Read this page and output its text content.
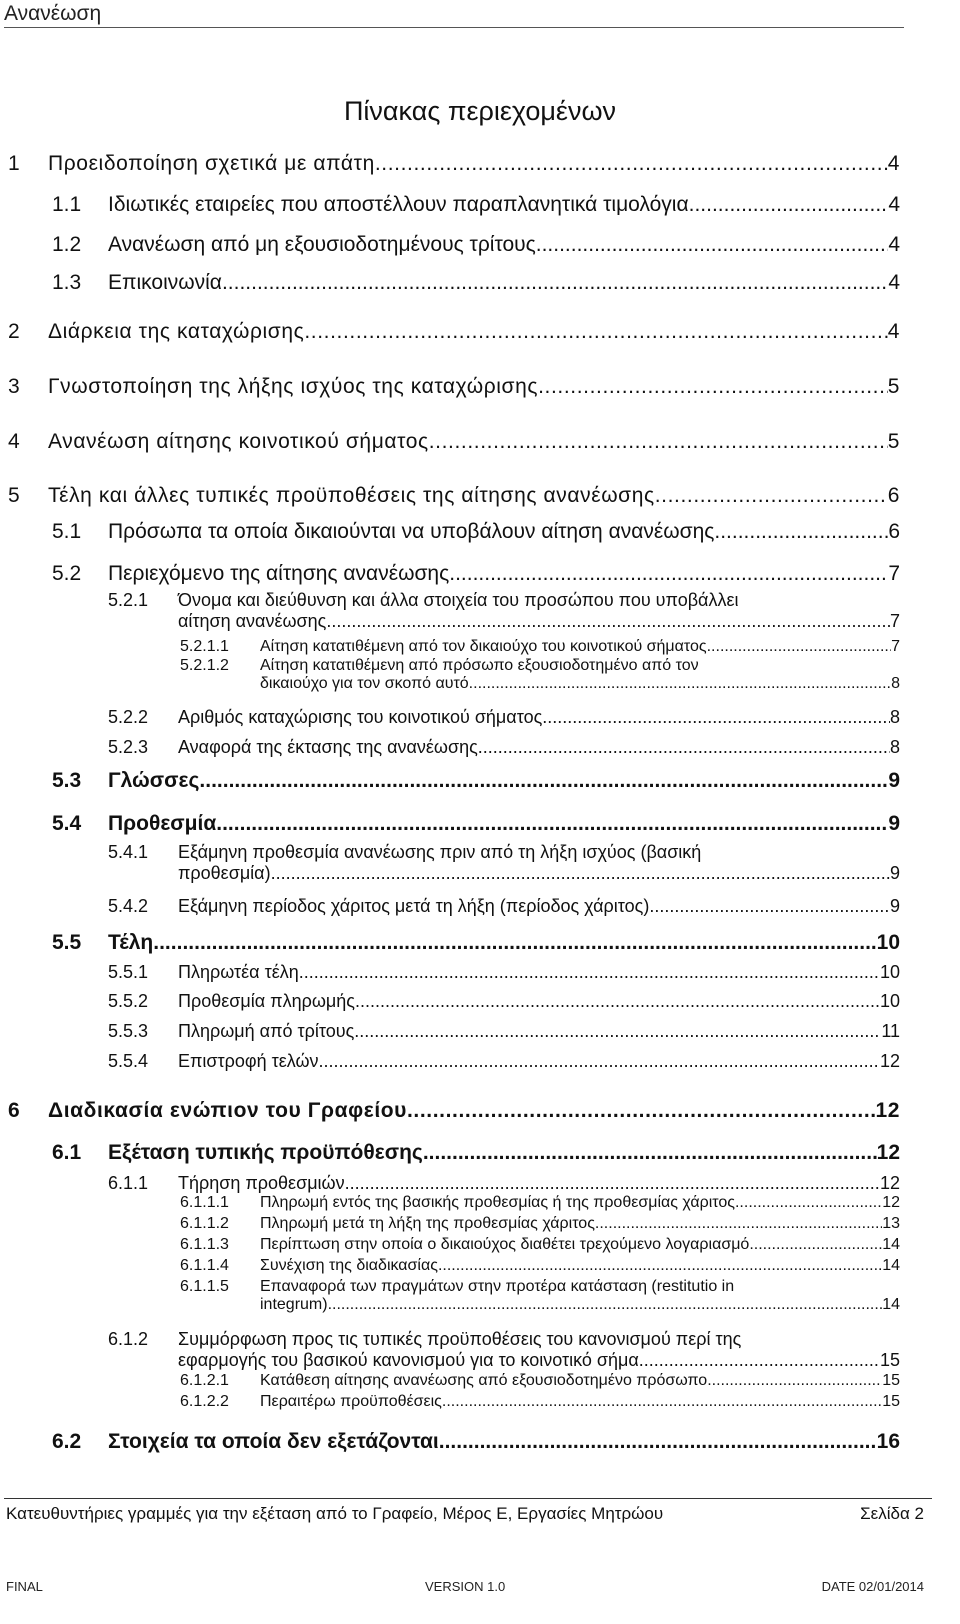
Ανανέωση
Πίνακας περιεχομένων
1	Προειδοποίηση σχετικά με απάτη .....	4
1.1	Ιδιωτικές εταιρείες που αποστέλλουν παραπλανητικά τιμολόγια .....	4
1.2	Ανανέωση από μη εξουσιοδοτημένους τρίτους .....	4
1.3	Επικοινωνία .....	4
2	Διάρκεια της καταχώρισης .....	4
3	Γνωστοποίηση της λήξης ισχύος της καταχώρισης .....	5
4	Ανανέωση αίτησης κοινοτικού σήματος .....	5
5	Τέλη και άλλες τυπικές προϋποθέσεις της αίτησης ανανέωσης .....	6
5.1	Πρόσωπα τα οποία δικαιούνται να υποβάλουν αίτηση ανανέωσης .....	6
5.2	Περιεχόμενο της αίτησης ανανέωσης .....	7
5.2.1	Όνομα και διεύθυνση και άλλα στοιχεία του προσώπου που υποβάλλει
αίτηση ανανέωσης .....	7
5.2.1.1	Αίτηση κατατιθέμενη από τον δικαιούχο του κοινοτικού σήματος .....	7
5.2.1.2	Αίτηση κατατιθέμενη από πρόσωπο εξουσιοδοτημένο από τον
δικαιούχο για τον σκοπό αυτό .....	8
5.2.2	Αριθμός καταχώρισης του κοινοτικού σήματος .....	8
5.2.3	Αναφορά της έκτασης της ανανέωσης .....	8
5.3	Γλώσσες .....	9
5.4	Προθεσμία .....	9
5.4.1	Εξάμηνη προθεσμία ανανέωσης πριν από τη λήξη ισχύος (βασική
προθεσμία) .....	9
5.4.2	Εξάμηνη περίοδος χάριτος μετά τη λήξη (περίοδος χάριτος) .....	9
5.5	Τέλη .....	10
5.5.1	Πληρωτέα τέλη .....	10
5.5.2	Προθεσμία πληρωμής .....	10
5.5.3	Πληρωμή από τρίτους .....	11
5.5.4	Επιστροφή τελών .....	12
6	Διαδικασία ενώπιον του Γραφείου .....	12
6.1	Εξέταση τυπικής προϋπόθεσης .....	12
6.1.1	Τήρηση προθεσμιών .....	12
6.1.1.1	Πληρωμή εντός της βασικής προθεσμίας ή της προθεσμίας χάριτος .....	12
6.1.1.2	Πληρωμή μετά τη λήξη της προθεσμίας χάριτος .....	13
6.1.1.3	Περίπτωση στην οποία ο δικαιούχος διαθέτει τρεχούμενο λογαριασμό .....	14
6.1.1.4	Συνέχιση της διαδικασίας .....	14
6.1.1.5	Επαναφορά των πραγμάτων στην προτέρα κατάσταση (restitutio in
integrum) .....	14
6.1.2	Συμμόρφωση προς τις τυπικές προϋποθέσεις του κανονισμού περί της
εφαρμογής του βασικού κανονισμού για το κοινοτικό σήμα .....	15
6.1.2.1	Κατάθεση αίτησης ανανέωσης από εξουσιοδοτημένο πρόσωπο .....	15
6.1.2.2	Περαιτέρω προϋποθέσεις .....	15
6.2	Στοιχεία τα οποία δεν εξετάζονται .....	16
Κατευθυντήριες γραμμές για την εξέταση από το Γραφείο, Μέρος Ε, Εργασίες Μητρώου	Σελίδα 2
FINAL	VERSION 1.0	DATE 02/01/2014
